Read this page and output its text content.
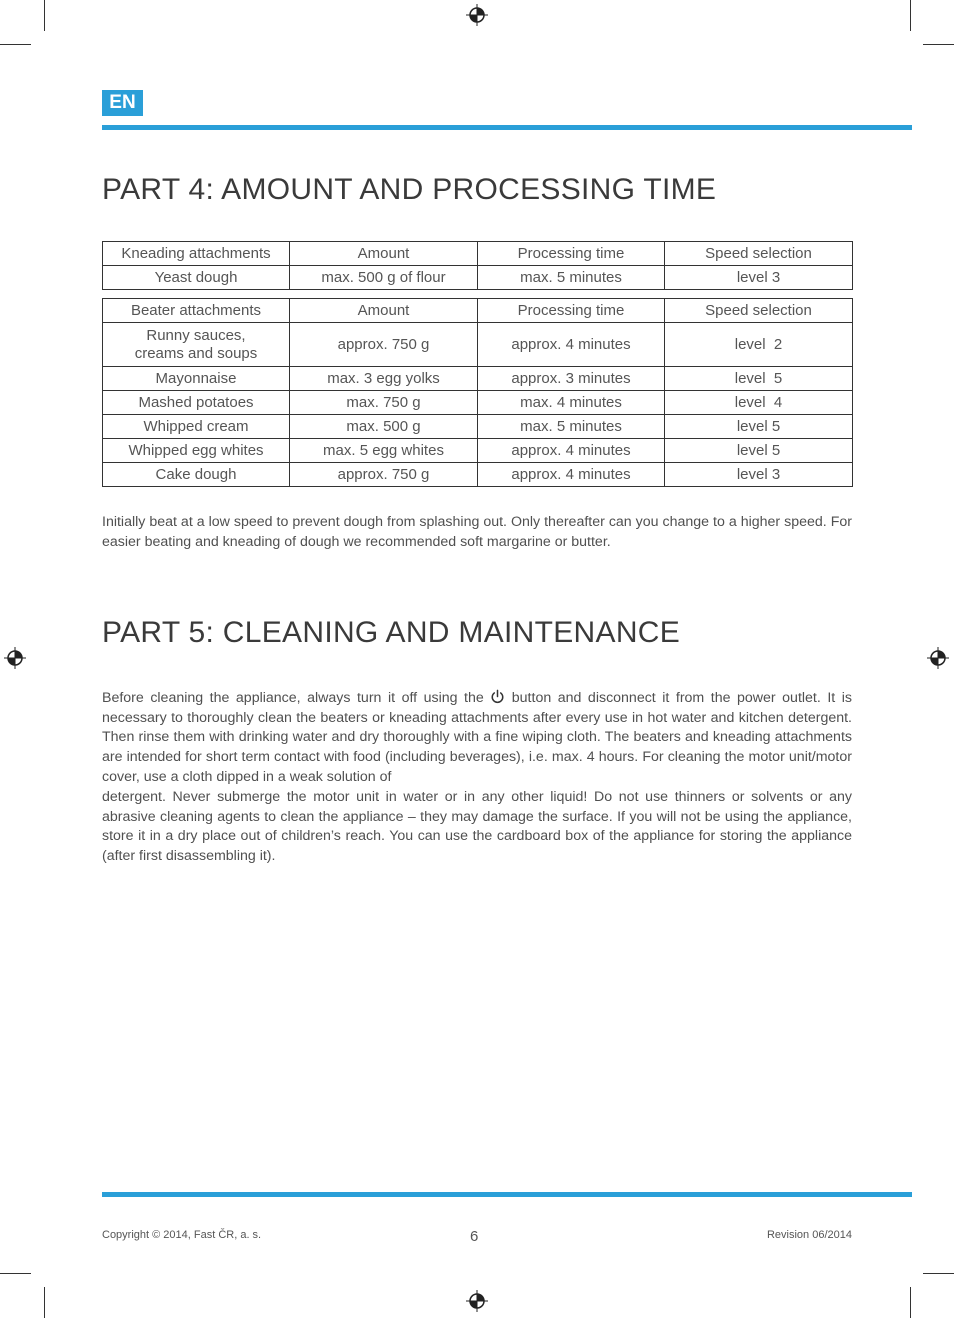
EN
PART 4: AMOUNT AND PROCESSING TIME
Kneading attachments	Amount	Processing time	Speed selection
Yeast dough	max. 500 g of flour	max. 5 minutes	level 3
Beater attachments	Amount	Processing time	Speed selection
Runny sauces,
creams and soups	approx. 750 g	approx. 4 minutes	level  2
Mayonnaise	max. 3 egg yolks	approx. 3 minutes	level  5
Mashed potatoes	max. 750 g	max. 4 minutes	level  4
Whipped cream	max. 500 g	max. 5 minutes	level 5
Whipped egg whites	max. 5 egg whites	approx. 4 minutes	level 5
Cake dough	approx. 750 g	approx. 4 minutes	level 3

Initially beat at a low speed to prevent dough from splashing out. Only thereafter can you change to a higher speed. For easier beating and kneading of dough we recommended soft margarine or butter.

PART 5: CLEANING AND MAINTENANCE

Before cleaning the appliance, always turn it off using the button and disconnect it from the power outlet. It is necessary to thoroughly clean the beaters or kneading attachments after every use in hot water and kitchen detergent. Then rinse them with drinking water and dry thoroughly with a fine wiping cloth. The beaters and kneading attachments are intended for short term contact with food (including beverages), i.e. max. 4 hours. For cleaning the motor unit/motor cover, use a cloth dipped in a weak solution of

detergent. Never submerge the motor unit in water or in any other liquid! Do not use thinners or solvents or any abrasive cleaning agents to clean the appliance – they may damage the surface. If you will not be using the appliance, store it in a dry place out of children’s reach. You can use the cardboard box of the appliance for storing the appliance (after first disassembling it).

Copyright © 2014, Fast ČR, a. s.	6	Revision 06/2014
